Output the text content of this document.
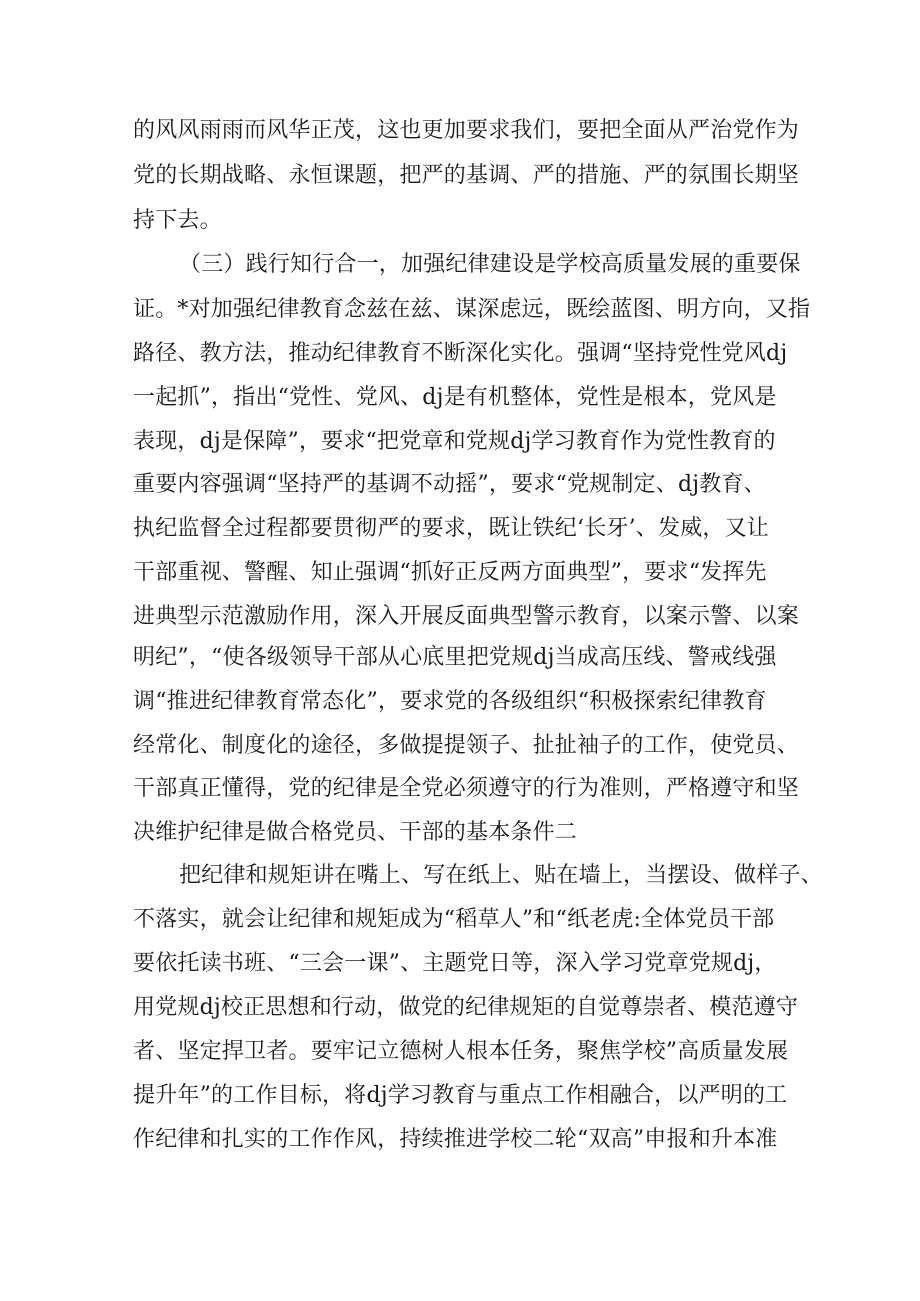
的风风雨雨而风华正茂，这也更加要求我们，要把全面从严治党作为
党的长期战略、永恒课题，把严的基调、严的措施、严的氛围长期坚
持下去。
（三）践行知行合一，加强纪律建设是学校高质量发展的重要保
证。*对加强纪律教育念兹在兹、谋深虑远，既绘蓝图、明方向，又指
路径、教方法，推动纪律教育不断深化实化。强调“坚持党性党风dj
一起抓”，指出“党性、党风、dj是有机整体，党性是根本，党风是
表现，dj是保障”，要求“把党章和党规dj学习教育作为党性教育的
重要内容强调“坚持严的基调不动摇”，要求“党规制定、dj教育、
执纪监督全过程都要贯彻严的要求，既让铁纪‘长牙’、发威，又让
干部重视、警醒、知止强调“抓好正反两方面典型”，要求“发挥先
进典型示范激励作用，深入开展反面典型警示教育，以案示警、以案
明纪”，“使各级领导干部从心底里把党规dj当成高压线、警戒线强
调“推进纪律教育常态化”，要求党的各级组织“积极探索纪律教育
经常化、制度化的途径，多做提提领子、扯扯袖子的工作，使党员、
干部真正懂得，党的纪律是全党必须遵守的行为准则，严格遵守和坚
决维护纪律是做合格党员、干部的基本条件二
把纪律和规矩讲在嘴上、写在纸上、贴在墙上，当摆设、做样子、
不落实，就会让纪律和规矩成为“稻草人”和“纸老虎:全体党员干部
要依托读书班、“三会一课”、主题党日等，深入学习党章党规dj，
用党规dj校正思想和行动，做党的纪律规矩的自觉尊崇者、模范遵守
者、坚定捍卫者。要牢记立德树人根本任务，聚焦学校”高质量发展
提升年”的工作目标，将dj学习教育与重点工作相融合，以严明的工
作纪律和扎实的工作作风，持续推进学校二轮“双高”申报和升本准
